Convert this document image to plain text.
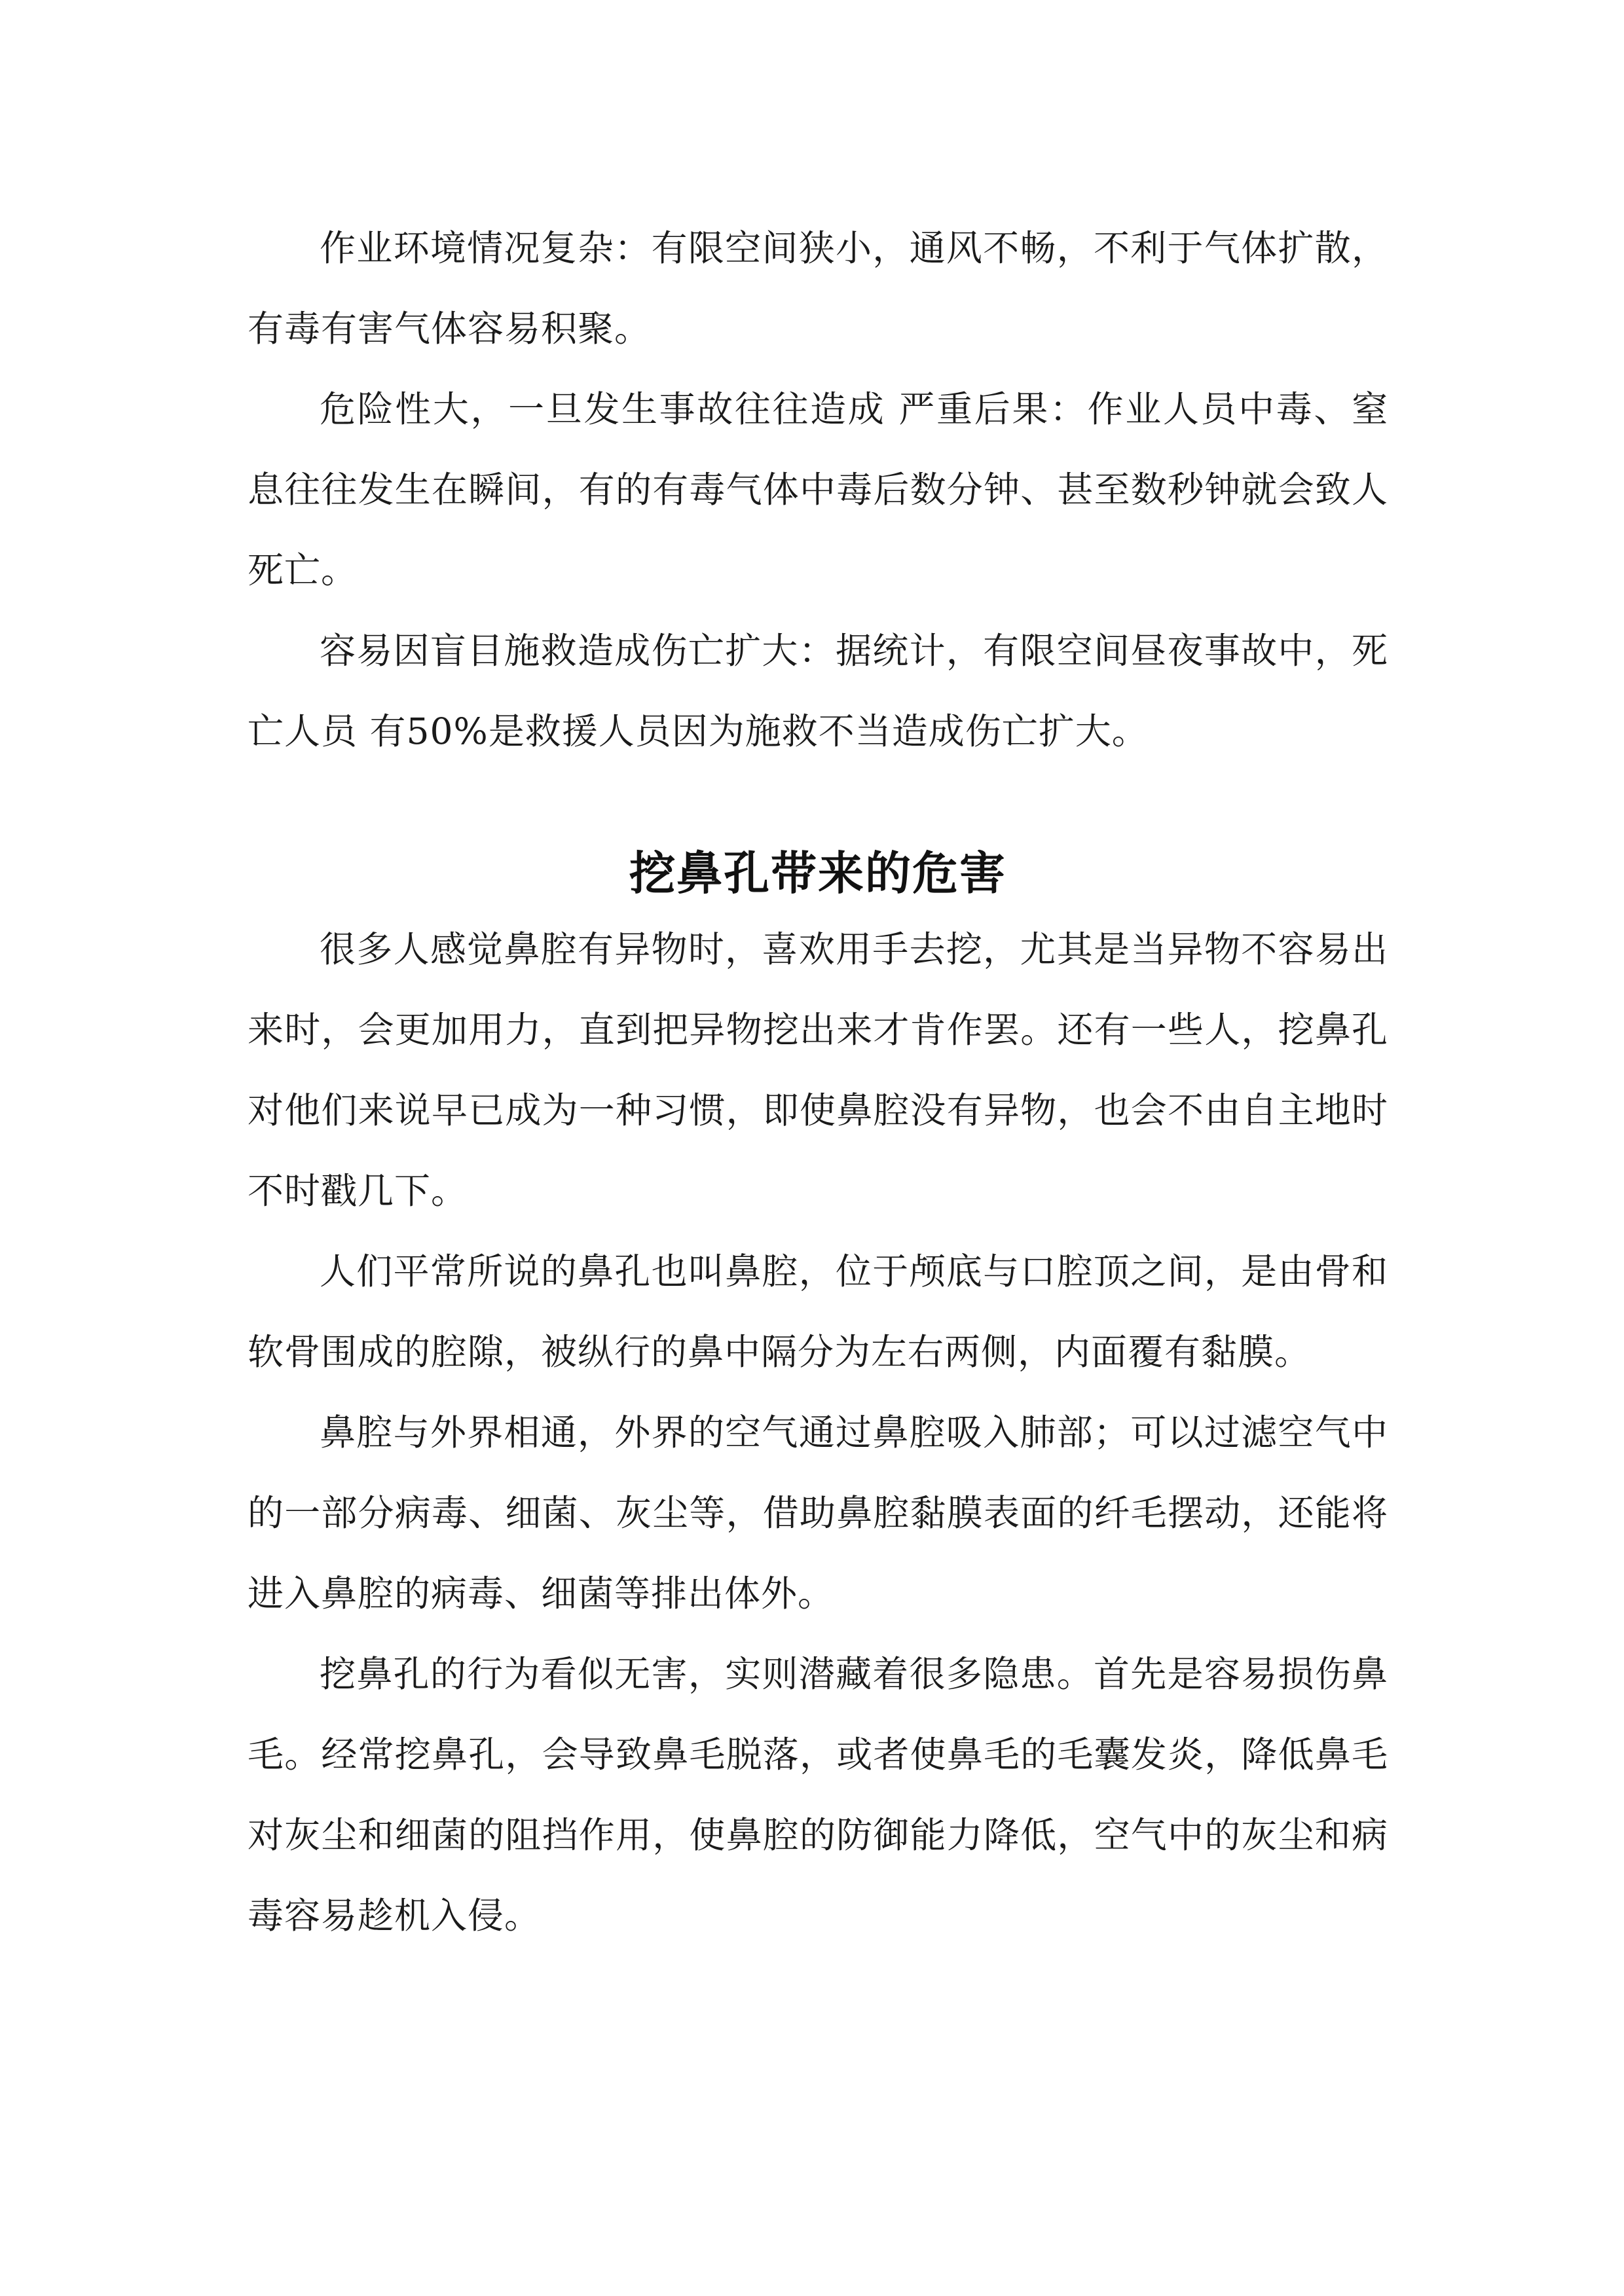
作业环境情况复杂：有限空间狭小，通风不畅，不利于气体扩散，有毒有害气体容易积聚。

危险性大，一旦发生事故往往造成 严重后果：作业人员中毒、窒息往往发生在瞬间，有的有毒气体中毒后数分钟、甚至数秒钟就会致人死亡。

容易因盲目施救造成伤亡扩大：据统计，有限空间昼夜事故中，死亡人员 有50%是救援人员因为施救不当造成伤亡扩大。

挖鼻孔带来的危害

很多人感觉鼻腔有异物时，喜欢用手去挖，尤其是当异物不容易出来时，会更加用力，直到把异物挖出来才肯作罢。还有一些人，挖鼻孔对他们来说早已成为一种习惯，即使鼻腔没有异物，也会不由自主地时不时戳几下。

人们平常所说的鼻孔也叫鼻腔，位于颅底与口腔顶之间，是由骨和软骨围成的腔隙，被纵行的鼻中隔分为左右两侧，内面覆有黏膜。

鼻腔与外界相通，外界的空气通过鼻腔吸入肺部；可以过滤空气中的一部分病毒、细菌、灰尘等，借助鼻腔黏膜表面的纤毛摆动，还能将进入鼻腔的病毒、细菌等排出体外。

挖鼻孔的行为看似无害，实则潜藏着很多隐患。首先是容易损伤鼻毛。经常挖鼻孔，会导致鼻毛脱落，或者使鼻毛的毛囊发炎，降低鼻毛对灰尘和细菌的阻挡作用，使鼻腔的防御能力降低，空气中的灰尘和病毒容易趁机入侵。
